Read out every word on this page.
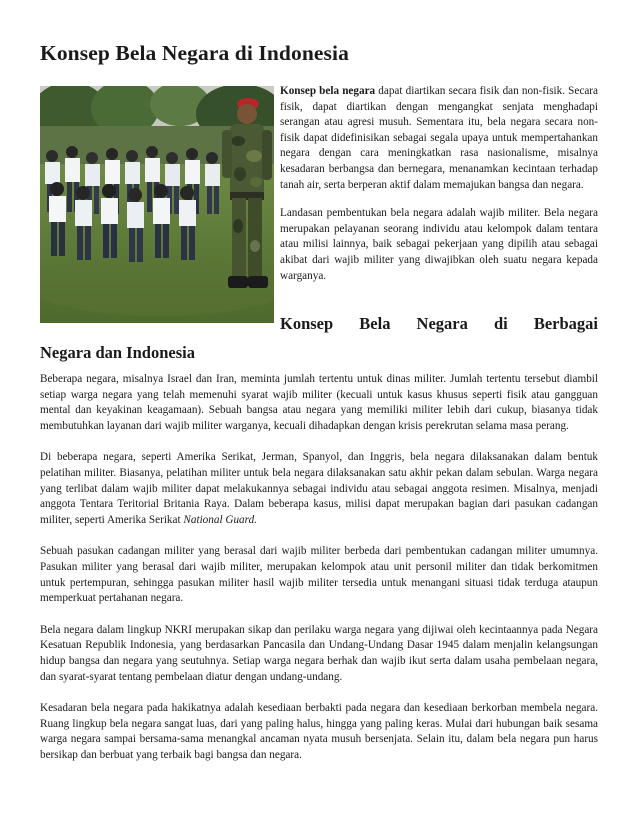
Konsep Bela Negara di Indonesia

Konsep bela negara dapat diartikan secara fisik dan non-fisik. Secara fisik, dapat diartikan dengan mengangkat senjata menghadapi serangan atau agresi musuh. Sementara itu, bela negara secara non-fisik dapat didefinisikan sebagai segala upaya untuk mempertahankan negara dengan cara meningkatkan rasa nasionalisme, misalnya kesadaran berbangsa dan bernegara, menanamkan kecintaan terhadap tanah air, serta berperan aktif dalam memajukan bangsa dan negara.

Landasan pembentukan bela negara adalah wajib militer. Bela negara merupakan pelayanan seorang individu atau kelompok dalam tentara atau milisi lainnya, baik sebagai pekerjaan yang dipilih atau sebagai akibat dari wajib militer yang diwajibkan oleh suatu negara kepada warganya.

Konsep Bela Negara di Berbagai
Negara dan Indonesia

Beberapa negara, misalnya Israel dan Iran, meminta jumlah tertentu untuk dinas militer. Jumlah tertentu tersebut diambil setiap warga negara yang telah memenuhi syarat wajib militer (kecuali untuk kasus khusus seperti fisik atau gangguan mental dan keyakinan keagamaan). Sebuah bangsa atau negara yang memiliki militer lebih dari cukup, biasanya tidak membutuhkan layanan dari wajib militer warganya, kecuali dihadapkan dengan krisis perekrutan selama masa perang.

Di beberapa negara, seperti Amerika Serikat, Jerman, Spanyol, dan Inggris, bela negara dilaksanakan dalam bentuk pelatihan militer. Biasanya, pelatihan militer untuk bela negara dilaksanakan satu akhir pekan dalam sebulan. Warga negara yang terlibat dalam wajib militer dapat melakukannya sebagai individu atau sebagai anggota resimen. Misalnya, menjadi anggota Tentara Teritorial Britania Raya. Dalam beberapa kasus, milisi dapat merupakan bagian dari pasukan cadangan militer, seperti Amerika Serikat National Guard.

Sebuah pasukan cadangan militer yang berasal dari wajib militer berbeda dari pembentukan cadangan militer umumnya. Pasukan militer yang berasal dari wajib militer, merupakan kelompok atau unit personil militer dan tidak berkomitmen untuk pertempuran, sehingga pasukan militer hasil wajib militer tersedia untuk menangani situasi tidak terduga ataupun memperkuat pertahanan negara.

Bela negara dalam lingkup NKRI merupakan sikap dan perilaku warga negara yang dijiwai oleh kecintaannya pada Negara Kesatuan Republik Indonesia, yang berdasarkan Pancasila dan Undang-Undang Dasar 1945 dalam menjalin kelangsungan hidup bangsa dan negara yang seutuhnya. Setiap warga negara berhak dan wajib ikut serta dalam usaha pembelaan negara, dan syarat-syarat tentang pembelaan diatur dengan undang-undang.

Kesadaran bela negara pada hakikatnya adalah kesediaan berbakti pada negara dan kesediaan berkorban membela negara. Ruang lingkup bela negara sangat luas, dari yang paling halus, hingga yang paling keras. Mulai dari hubungan baik sesama warga negara sampai bersama-sama menangkal ancaman nyata musuh bersenjata. Selain itu, dalam bela negara pun harus bersikap dan berbuat yang terbaik bagi bangsa dan negara.
